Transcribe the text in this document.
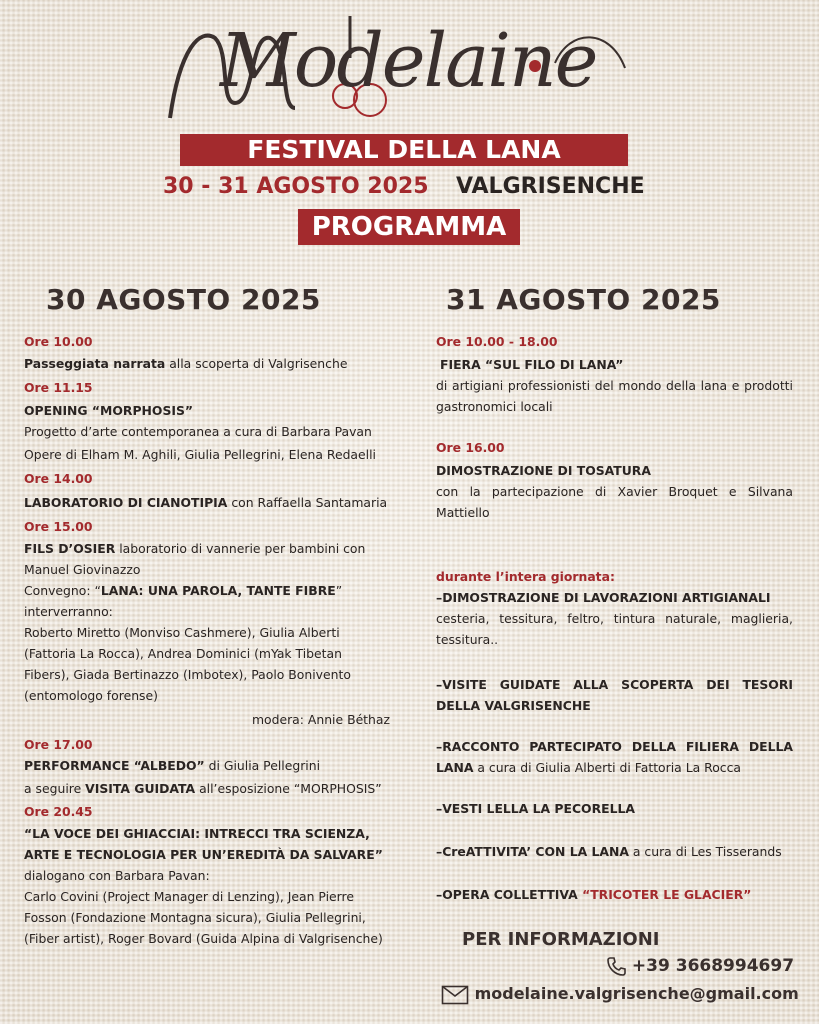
Modelaine
FESTIVAL DELLA LANA
30 - 31 AGOSTO 2025 VALGRISENCHE
PROGRAMMA
30 AGOSTO 2025	31 AGOSTO 2025

Ore 10.00

Passeggiata narrata alla scoperta di Valgrisenche

Ore 11.15

OPENING “MORPHOSIS”

Progetto d’arte contemporanea a cura di Barbara Pavan

Opere di Elham M. Aghili, Giulia Pellegrini, Elena Redaelli

Ore 14.00

LABORATORIO DI CIANOTIPIA con Raffaella Santamaria

Ore 15.00

FILS D’OSIER laboratorio di vannerie per bambini con

Manuel Giovinazzo

Convegno: “LANA: UNA PAROLA, TANTE FIBRE”

interverranno:

Roberto Miretto (Monviso Cashmere), Giulia Alberti

(Fattoria La Rocca), Andrea Dominici (mYak Tibetan

Fibers), Giada Bertinazzo (Imbotex), Paolo Bonivento

(entomologo forense)

modera: Annie Béthaz

Ore 17.00

PERFORMANCE “ALBEDO” di Giulia Pellegrini

a seguire VISITA GUIDATA all’esposizione “MORPHOSIS”

Ore 20.45

“LA VOCE DEI GHIACCIAI: INTRECCI TRA SCIENZA,

ARTE E TECNOLOGIA PER UN’EREDITÀ DA SALVARE”

dialogano con Barbara Pavan:

Carlo Covini (Project Manager di Lenzing), Jean Pierre

Fosson (Fondazione Montagna sicura), Giulia Pellegrini,

(Fiber artist), Roger Bovard (Guida Alpina di Valgrisenche)

Ore 10.00 - 18.00

FIERA “SUL FILO DI LANA”

di artigiani professionisti del mondo della lana e prodotti gastronomici locali

Ore 16.00

DIMOSTRAZIONE DI TOSATURA

con la partecipazione di Xavier Broquet e Silvana Mattiello

durante l’intera giornata:

–DIMOSTRAZIONE DI LAVORAZIONI ARTIGIANALI

cesteria, tessitura, feltro, tintura naturale, maglieria, tessitura..

–VISITE GUIDATE ALLA SCOPERTA DEI TESORI DELLA VALGRISENCHE

–RACCONTO PARTECIPATO DELLA FILIERA DELLA LANA a cura di Giulia Alberti di Fattoria La Rocca

–VESTI LELLA LA PECORELLA

–CreATTIVITA’ CON LA LANA a cura di Les Tisserands

–OPERA COLLETTIVA “TRICOTER LE GLACIER”

PER INFORMAZIONI
+39 3668994697
modelaine.valgrisenche@gmail.com
